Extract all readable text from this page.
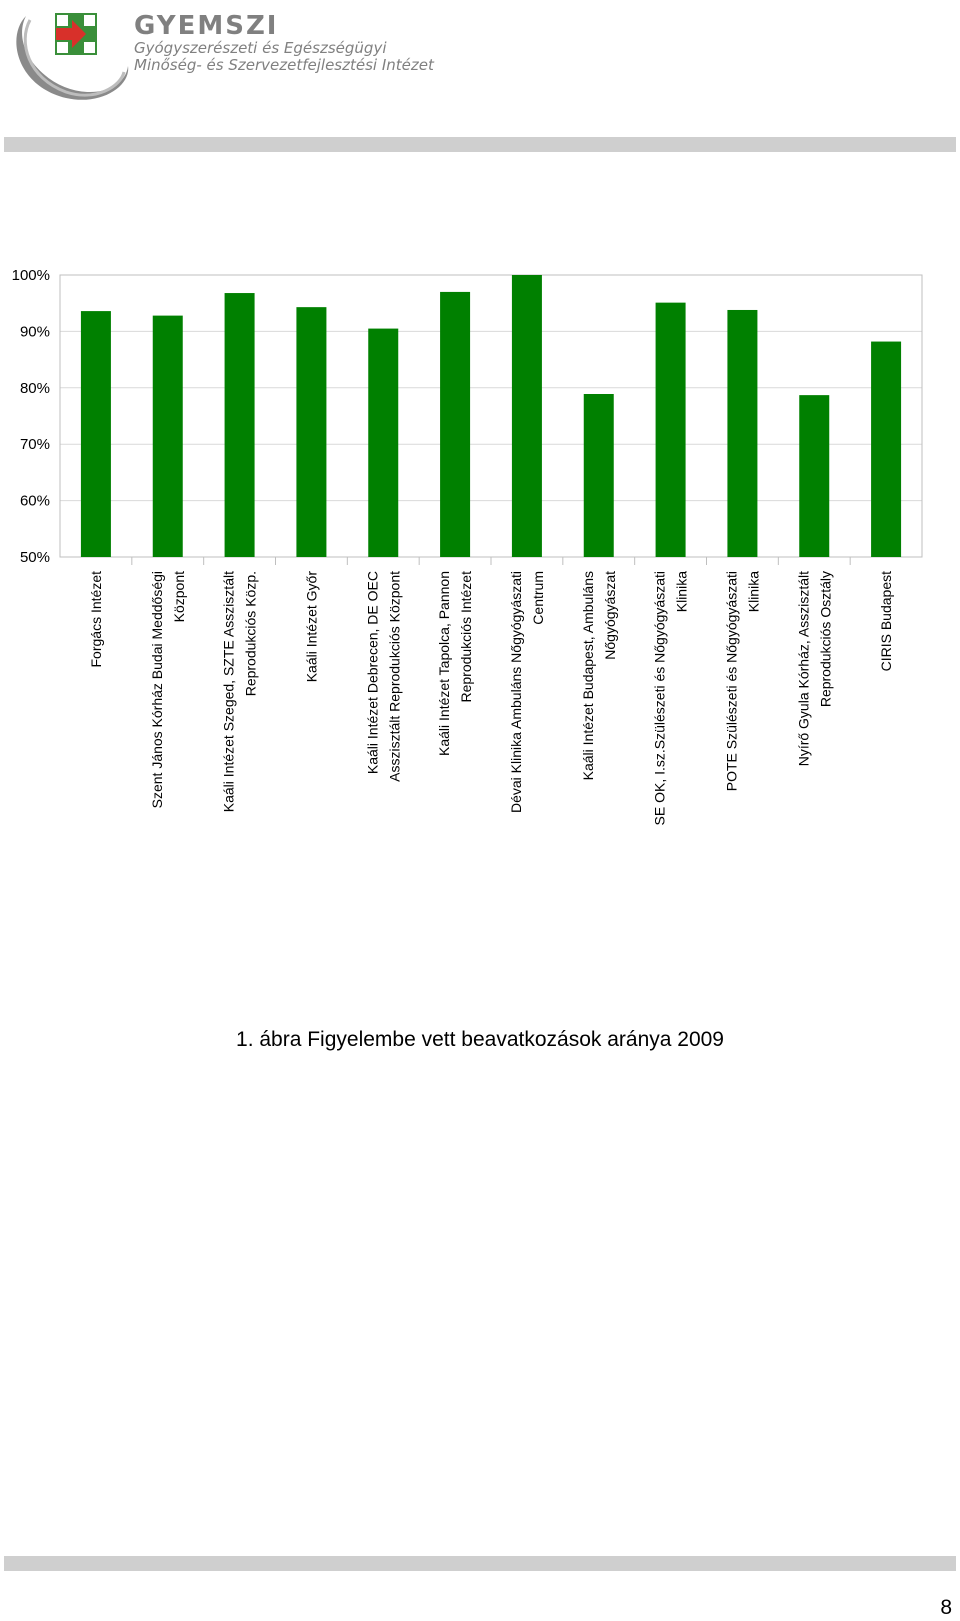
GYEMSZI
Gyógyszerészeti és Egészségügyi
Minőség- és Szervezetfejlesztési Intézet
50%
60%
70%
80%
90%
100%
Forgács Intézet	Szent János Kórház Budai Meddőségi Központ Kaáli Intézet Szeged, SZTE Asszisztált Reprodukciós Közp.	Kaáli Intézet Győr	Kaáli Intézet Debrecen, DE OEC Asszisztált Reprodukciós Központ Kaáli Intézet Tapolca, Pannon Reprodukciós Intézet Dévai Klinika Ambuláns Nőgyógyászati Centrum Kaáli Intézet Budapest, Ambuláns Nőgyógyászat SE OK, I.sz.Szülészeti és Nőgyógyászati Klinika POTE Szülészeti és Nőgyógyászati Klinika Nyírő Gyula Kórház, Asszisztált Reprodukciós Osztály	CIRIS Budapest
1. ábra Figyelembe vett beavatkozások aránya 2009
8
